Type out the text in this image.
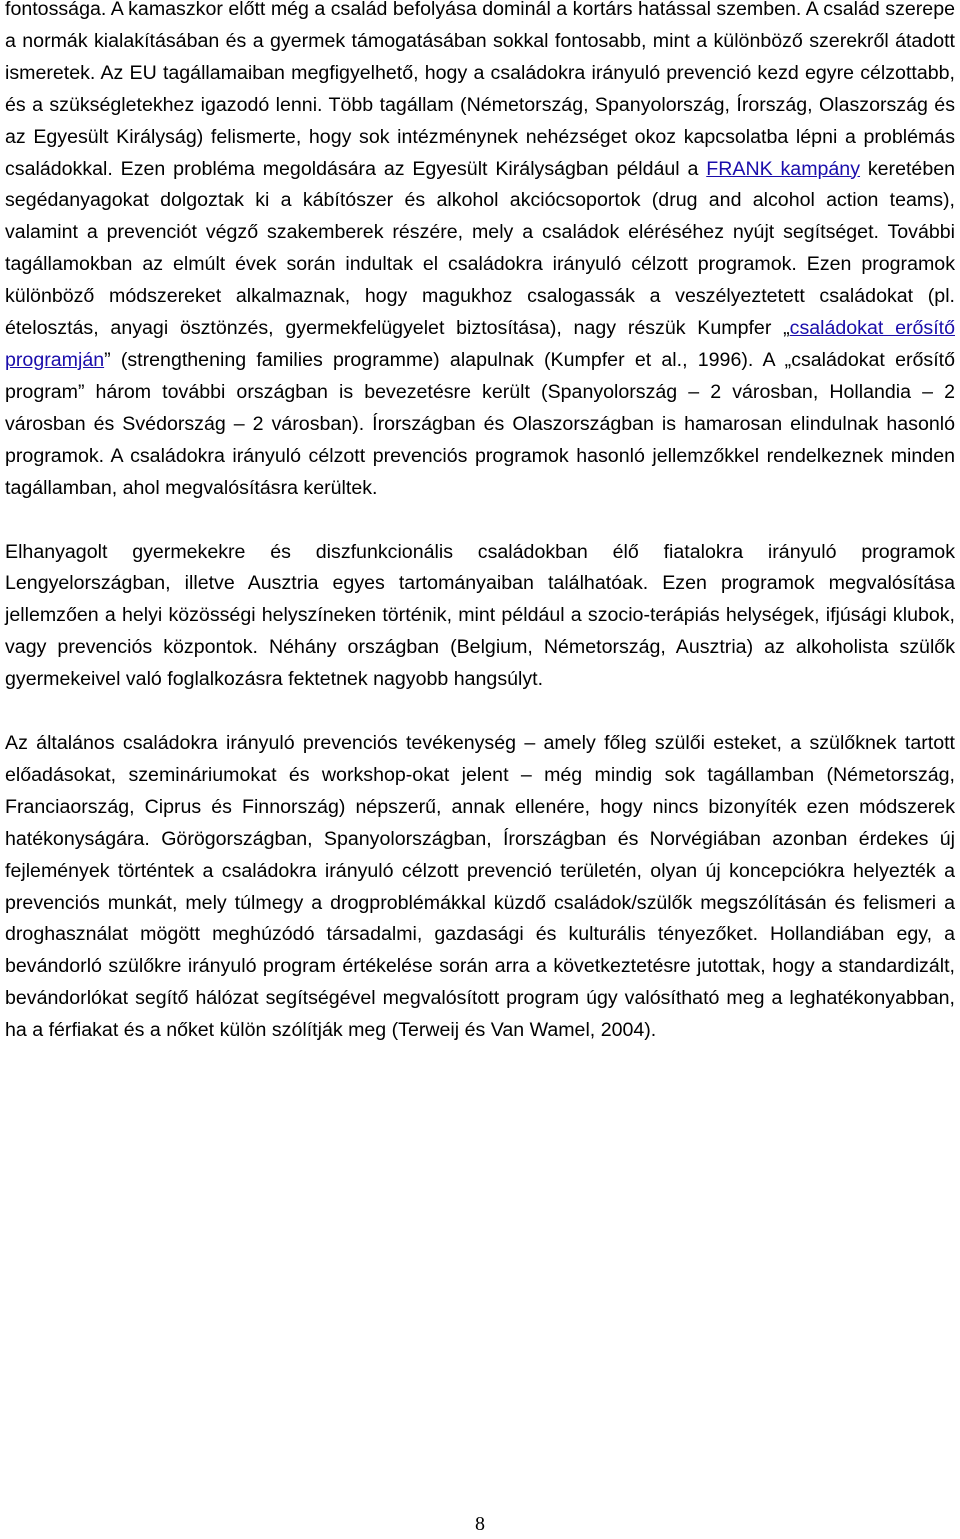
fontossága. A kamaszkor előtt még a család befolyása dominál a kortárs hatással szemben. A család szerepe a normák kialakításában és a gyermek támogatásában sokkal fontosabb, mint a különböző szerekről átadott ismeretek. Az EU tagállamaiban megfigyelhető, hogy a családokra irányuló prevenció kezd egyre célzottabb, és a szükségletekhez igazodó lenni. Több tagállam (Németország, Spanyolország, Írország, Olaszország és az Egyesült Királyság) felismerte, hogy sok intézménynek nehézséget okoz kapcsolatba lépni a problémás családokkal. Ezen probléma megoldására az Egyesült Királyságban például a FRANK kampány keretében segédanyagokat dolgoztak ki a kábítószer és alkohol akciócsoportok (drug and alcohol action teams), valamint a prevenciót végző szakemberek részére, mely a családok eléréséhez nyújt segítséget. További tagállamokban az elmúlt évek során indultak el családokra irányuló célzott programok. Ezen programok különböző módszereket alkalmaznak, hogy magukhoz csalogassák a veszélyeztetett családokat (pl. ételosztás, anyagi ösztönzés, gyermekfelügyelet biztosítása), nagy részük Kumpfer „családokat erősítő programján” (strengthening families programme) alapulnak (Kumpfer et al., 1996). A „családokat erősítő program” három további országban is bevezetésre került (Spanyolország – 2 városban, Hollandia – 2 városban és Svédország – 2 városban). Írországban és Olaszországban is hamarosan elindulnak hasonló programok. A családokra irányuló célzott prevenciós programok hasonló jellemzőkkel rendelkeznek minden tagállamban, ahol megvalósításra kerültek.

Elhanyagolt gyermekekre és diszfunkcionális családokban élő fiatalokra irányuló programok Lengyelországban, illetve Ausztria egyes tartományaiban találhatóak. Ezen programok megvalósítása jellemzően a helyi közösségi helyszíneken történik, mint például a szocio-terápiás helységek, ifjúsági klubok, vagy prevenciós központok. Néhány országban (Belgium, Németország, Ausztria) az alkoholista szülők gyermekeivel való foglalkozásra fektetnek nagyobb hangsúlyt.

Az általános családokra irányuló prevenciós tevékenység – amely főleg szülői esteket, a szülőknek tartott előadásokat, szemináriumokat és workshop-okat jelent – még mindig sok tagállamban (Németország, Franciaország, Ciprus és Finnország) népszerű, annak ellenére, hogy nincs bizonyíték ezen módszerek hatékonyságára. Görögországban, Spanyolországban, Írországban és Norvégiában azonban érdekes új fejlemények történtek a családokra irányuló célzott prevenció területén, olyan új koncepciókra helyezték a prevenciós munkát, mely túlmegy a drogproblémákkal küzdő családok/szülők megszólításán és felismeri a droghasználat mögött meghúzódó társadalmi, gazdasági és kulturális tényezőket. Hollandiában egy, a bevándorló szülőkre irányuló program értékelése során arra a következtetésre jutottak, hogy a standardizált, bevándorlókat segítő hálózat segítségével megvalósított program úgy valósítható meg a leghatékonyabban, ha a férfiakat és a nőket külön szólítják meg (Terweij és Van Wamel, 2004).

8
